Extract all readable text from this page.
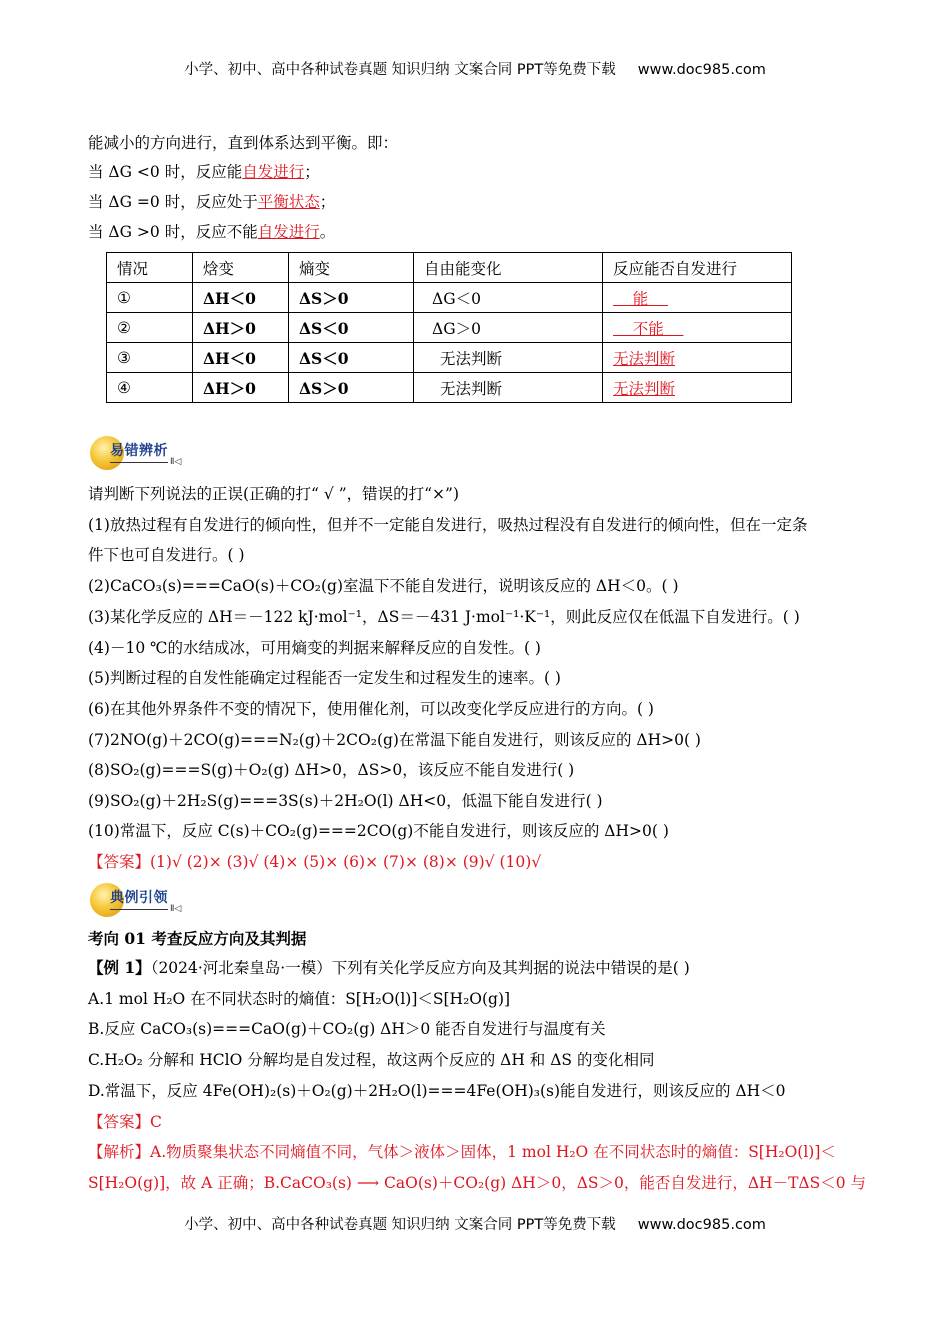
小学、初中、高中各种试卷真题 知识归纳 文案合同 PPT等免费下载 www.doc985.com
能减小的方向进行，直到体系达到平衡。即：
当 ΔG <0 时，反应能自发进行；
当 ΔG =0 时，反应处于平衡状态；
当 ΔG >0 时，反应不能自发进行。
情况	焓变	熵变	自由能变化	反应能否自发进行
①	ΔH＜0	ΔS＞0	ΔG＜0	能
②	ΔH＞0	ΔS＜0	ΔG＞0	不能
③	ΔH＜0	ΔS＜0	无法判断	无法判断
④	ΔH＞0	ΔS＞0	无法判断	无法判断
易错辨析
Ⅱ◁
请判断下列说法的正误(正确的打“ √ ”，错误的打“×”)
(1)放热过程有自发进行的倾向性，但并不一定能自发进行，吸热过程没有自发进行的倾向性，但在一定条
件下也可自发进行。( )
(2)CaCO₃(s)===CaO(s)＋CO₂(g)室温下不能自发进行，说明该反应的 ΔH＜0。( )
(3)某化学反应的 ΔH＝－122 kJ·mol⁻¹，ΔS＝－431 J·mol⁻¹·K⁻¹，则此反应仅在低温下自发进行。( )
(4)－10 ℃的水结成冰，可用熵变的判据来解释反应的自发性。( )
(5)判断过程的自发性能确定过程能否一定发生和过程发生的速率。( )
(6)在其他外界条件不变的情况下，使用催化剂，可以改变化学反应进行的方向。( )
(7)2NO(g)＋2CO(g)===N₂(g)＋2CO₂(g)在常温下能自发进行，则该反应的 ΔH>0( )
(8)SO₂(g)===S(g)＋O₂(g) ΔH>0，ΔS>0，该反应不能自发进行( )
(9)SO₂(g)＋2H₂S(g)===3S(s)＋2H₂O(l) ΔH<0，低温下能自发进行( )
(10)常温下，反应 C(s)＋CO₂(g)===2CO(g)不能自发进行，则该反应的 ΔH>0( )
【答案】(1)√ (2)× (3)√ (4)× (5)× (6)× (7)× (8)× (9)√ (10)√
典例引领
Ⅱ◁
考向 01 考查反应方向及其判据
【例 1】（2024·河北秦皇岛·一模）下列有关化学反应方向及其判据的说法中错误的是( )
A.1 mol H₂O 在不同状态时的熵值：S[H₂O(l)]＜S[H₂O(g)]
B.反应 CaCO₃(s)===CaO(g)＋CO₂(g) ΔH＞0 能否自发进行与温度有关
C.H₂O₂ 分解和 HClO 分解均是自发过程，故这两个反应的 ΔH 和 ΔS 的变化相同
D.常温下，反应 4Fe(OH)₂(s)＋O₂(g)＋2H₂O(l)===4Fe(OH)₃(s)能自发进行，则该反应的 ΔH＜0
【答案】C
【解析】A.物质聚集状态不同熵值不同，气体＞液体＞固体，1 mol H₂O 在不同状态时的熵值：S[H₂O(l)]＜
S[H₂O(g)]，故 A 正确；B.CaCO₃(s) ⟶ CaO(s)＋CO₂(g) ΔH＞0，ΔS＞0，能否自发进行，ΔH－TΔS＜0 与
小学、初中、高中各种试卷真题 知识归纳 文案合同 PPT等免费下载 www.doc985.com
